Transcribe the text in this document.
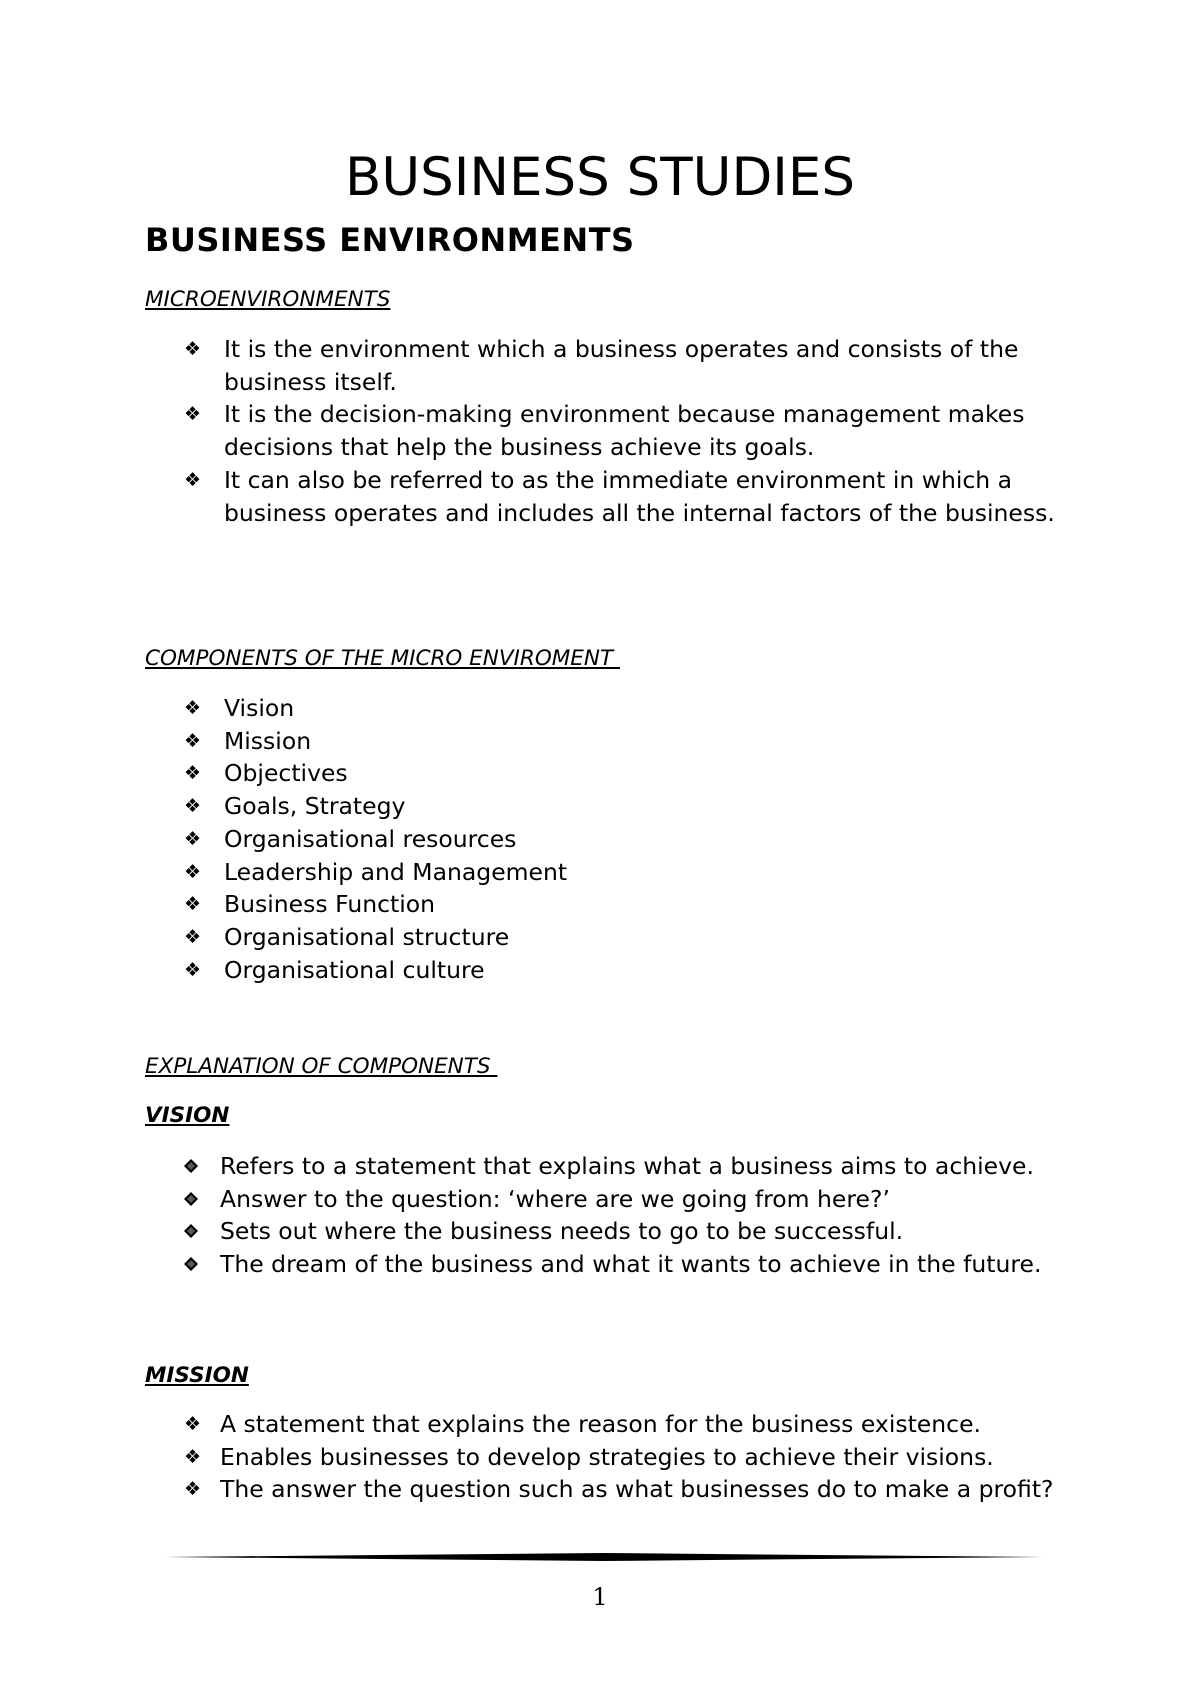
BUSINESS STUDIES
BUSINESS ENVIRONMENTS
MICROENVIRONMENTS
❖ It is the environment which a business operates and consists of the business itself.
❖ It is the decision-making environment because management makes decisions that help the business achieve its goals.
❖ It can also be referred to as the immediate environment in which a business operates and includes all the internal factors of the business.
COMPONENTS OF THE MICRO ENVIROMENT
❖ Vision
❖ Mission
❖ Objectives
❖ Goals, Strategy
❖ Organisational resources
❖ Leadership and Management
❖ Business Function
❖ Organisational structure
❖ Organisational culture
EXPLANATION OF COMPONENTS
VISION
Refers to a statement that explains what a business aims to achieve.
Answer to the question: ‘where are we going from here?’
Sets out where the business needs to go to be successful.
The dream of the business and what it wants to achieve in the future.
MISSION
❖ A statement that explains the reason for the business existence.
❖ Enables businesses to develop strategies to achieve their visions.
❖ The answer the question such as what businesses do to make a profit?
1
